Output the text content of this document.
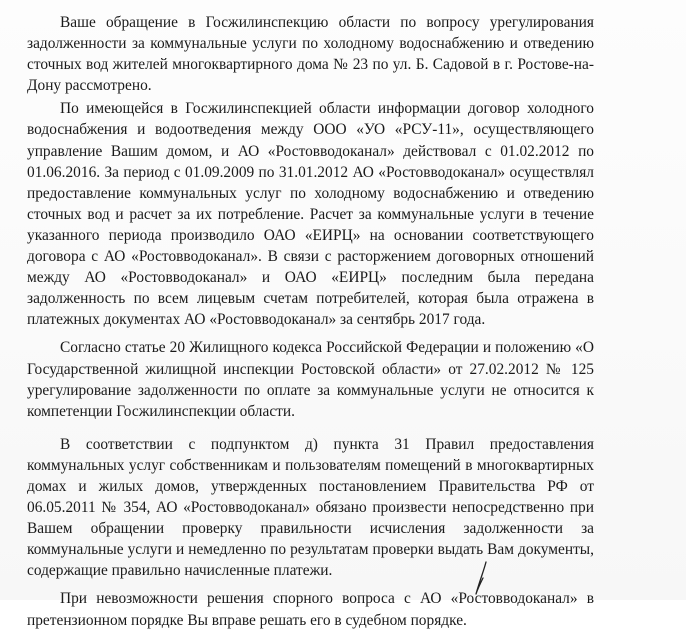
Ваше обращение в Госжилинспекцию области по вопросу урегулирования задолженности за коммунальные услуги по холодному водоснабжению и отведению сточных вод жителей многоквартирного дома № 23 по ул. Б. Садовой в г. Ростове-на-Дону рассмотрено.

По имеющейся в Госжилинспекцией области информации договор холодного водоснабжения и водоотведения между ООО «УО «РСУ-11», осуществляющего управление Вашим домом, и АО «Ростовводоканал» действовал с 01.02.2012 по 01.06.2016. За период с 01.09.2009 по 31.01.2012 АО «Ростовводоканал» осуществлял предоставление коммунальных услуг по холодному водоснабжению и отведению сточных вод и расчет за их потребление. Расчет за коммунальные услуги в течение указанного периода производило ОАО «ЕИРЦ» на основании соответствующего договора с АО «Ростовводоканал». В связи с расторжением договорных отношений между АО «Ростовводоканал» и ОАО «ЕИРЦ» последним была передана задолженность по всем лицевым счетам потребителей, которая была отражена в платежных документах АО «Ростовводоканал» за сентябрь 2017 года.

Согласно статье 20 Жилищного кодекса Российской Федерации и положению «О Государственной жилищной инспекции Ростовской области» от 27.02.2012 № 125 урегулирование задолженности по оплате за коммунальные услуги не относится к компетенции Госжилинспекции области.

В соответствии с подпунктом д) пункта 31 Правил предоставления коммунальных услуг собственникам и пользователям помещений в многоквартирных домах и жилых домов, утвержденных постановлением Правительства РФ от 06.05.2011 № 354, АО «Ростовводоканал» обязано произвести непосредственно при Вашем обращении проверку правильности исчисления задолженности за коммунальные услуги и немедленно по результатам проверки выдать Вам документы, содержащие правильно начисленные платежи.

При невозможности решения спорного вопроса с АО «Ростовводоканал» в претензионном порядке Вы вправе решать его в судебном порядке.
